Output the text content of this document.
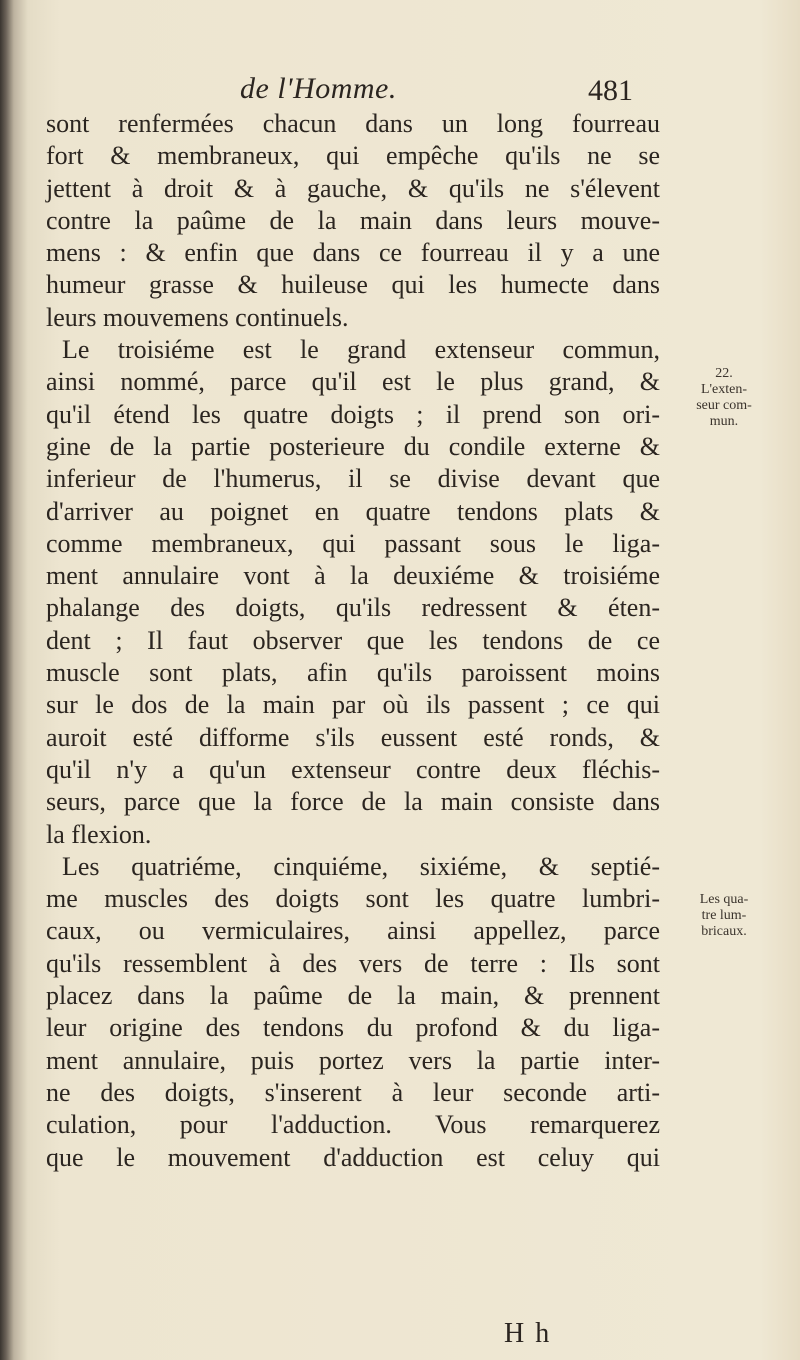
de l'Homme.	481
sont renfermées chacun dans un long fourreau
fort & membraneux, qui empêche qu'ils ne se
jettent à droit & à gauche, & qu'ils ne s'élevent
contre la paûme de la main dans leurs mouve-
mens : & enfin que dans ce fourreau il y a une
humeur grasse & huileuse qui les humecte dans
leurs mouvemens continuels.
Le troisiéme est le grand extenseur commun,
ainsi nommé, parce qu'il est le plus grand, &
qu'il étend les quatre doigts ; il prend son ori-
gine de la partie posterieure du condile externe &
inferieur de l'humerus, il se divise devant que
d'arriver au poignet en quatre tendons plats &
comme membraneux, qui passant sous le liga-
ment annulaire vont à la deuxiéme & troisiéme
phalange des doigts, qu'ils redressent & éten-
dent ; Il faut observer que les tendons de ce
muscle sont plats, afin qu'ils paroissent moins
sur le dos de la main par où ils passent ; ce qui
auroit esté difforme s'ils eussent esté ronds, &
qu'il n'y a qu'un extenseur contre deux fléchis-
seurs, parce que la force de la main consiste dans
la flexion.
Les quatriéme, cinquiéme, sixiéme, & septié-
me muscles des doigts sont les quatre lumbri-
caux, ou vermiculaires, ainsi appellez, parce
qu'ils ressemblent à des vers de terre : Ils sont
placez dans la paûme de la main, & prennent
leur origine des tendons du profond & du liga-
ment annulaire, puis portez vers la partie inter-
ne des doigts, s'inserent à leur seconde arti-
culation, pour l'adduction. Vous remarquerez
que le mouvement d'adduction est celuy qui
22.
L'exten-
seur com-
mun.
Les qua-
tre lum-
bricaux.
H h
